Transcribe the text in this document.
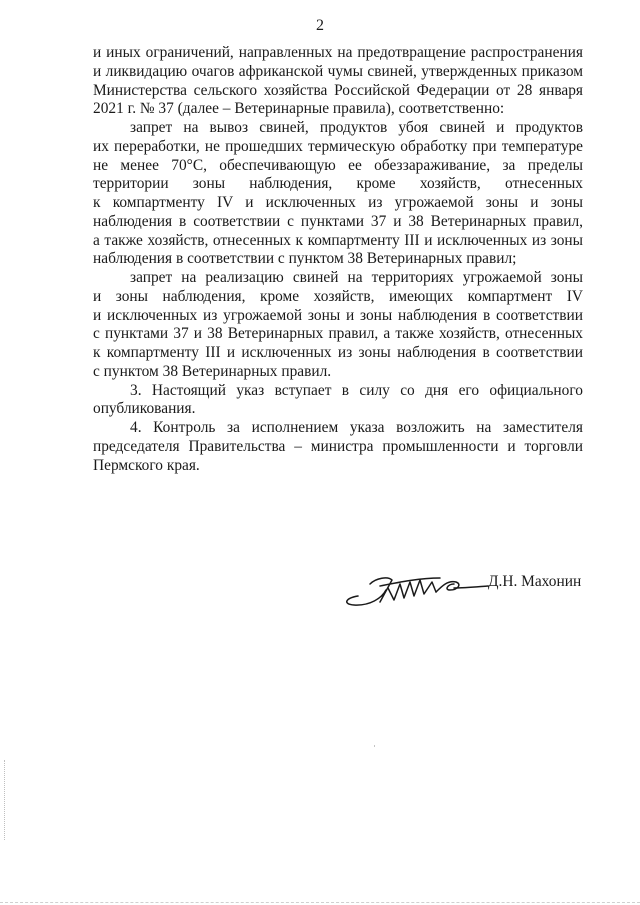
2

и иных ограничений, направленных на предотвращение распространения
и ликвидацию очагов африканской чумы свиней, утвержденных приказом
Министерства сельского хозяйства Российской Федерации от 28 января
2021 г. № 37 (далее – Ветеринарные правила), соответственно:

запрет на вывоз свиней, продуктов убоя свиней и продуктов
их переработки, не прошедших термическую обработку при температуре
не менее 70°С, обеспечивающую ее обеззараживание, за пределы
территории зоны наблюдения, кроме хозяйств, отнесенных
к компартменту IV и исключенных из угрожаемой зоны и зоны
наблюдения в соответствии с пунктами 37 и 38 Ветеринарных правил,
а также хозяйств, отнесенных к компартменту III и исключенных из зоны
наблюдения в соответствии с пунктом 38 Ветеринарных правил;

запрет на реализацию свиней на территориях угрожаемой зоны
и зоны наблюдения, кроме хозяйств, имеющих компартмент IV
и исключенных из угрожаемой зоны и зоны наблюдения в соответствии
с пунктами 37 и 38 Ветеринарных правил, а также хозяйств, отнесенных
к компартменту III и исключенных из зоны наблюдения в соответствии
с пунктом 38 Ветеринарных правил.

3. Настоящий указ вступает в силу со дня его официального
опубликования.

4. Контроль за исполнением указа возложить на заместителя
председателя Правительства – министра промышленности и торговли
Пермского края.

Д.Н. Махонин
